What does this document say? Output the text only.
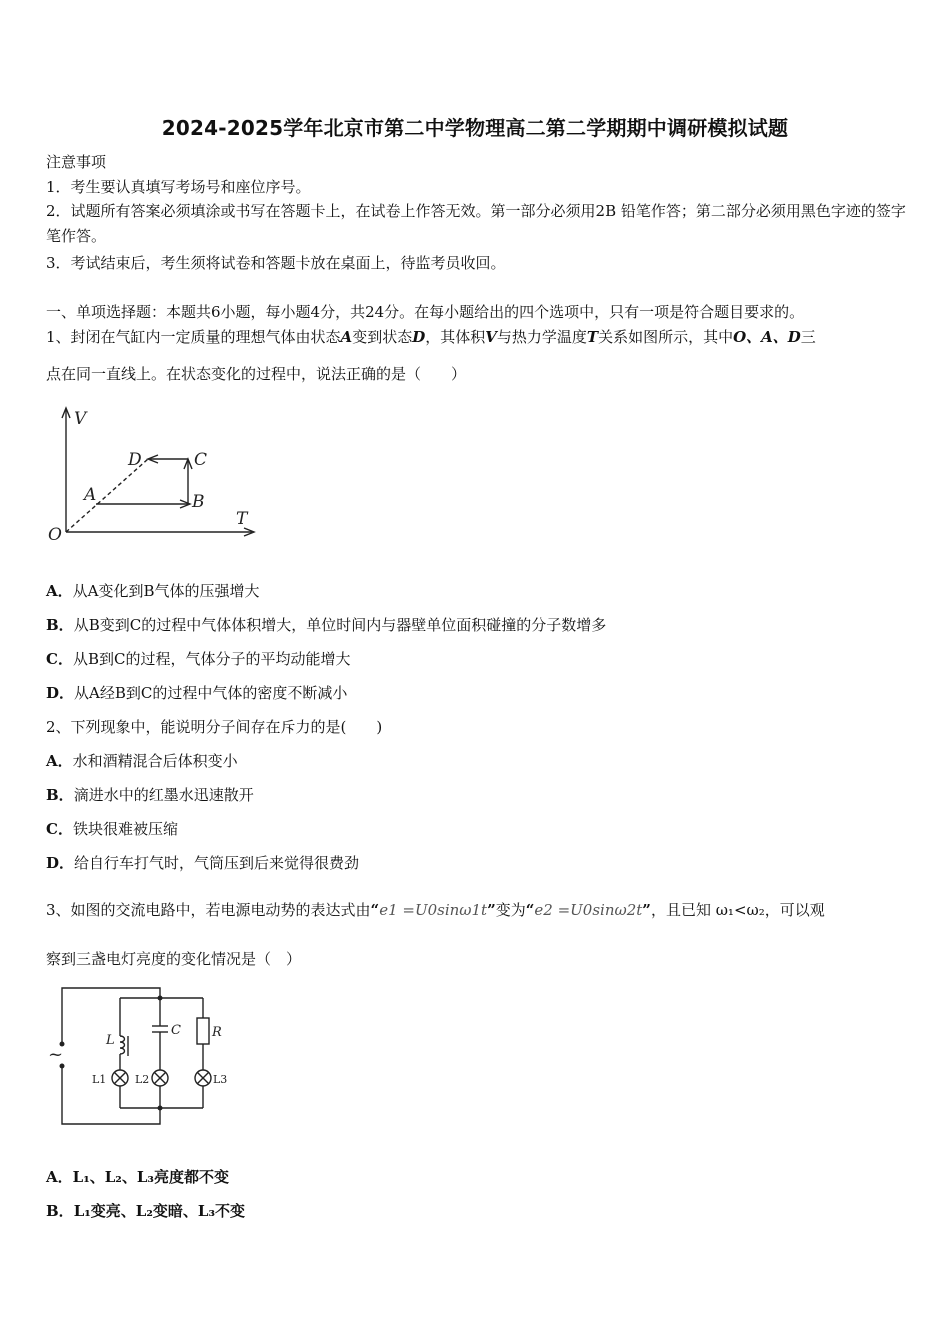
2024-2025学年北京市第二中学物理高二第二学期期中调研模拟试题
注意事项
1．考生要认真填写考场号和座位序号。
2．试题所有答案必须填涂或书写在答题卡上，在试卷上作答无效。第一部分必须用2B 铅笔作答；第二部分必须用黑色字迹的签字笔作答。
3．考试结束后，考生须将试卷和答题卡放在桌面上，待监考员收回。
一、单项选择题：本题共6小题，每小题4分，共24分。在每小题给出的四个选项中，只有一项是符合题目要求的。
1、封闭在气缸内一定质量的理想气体由状态A变到状态D，其体积V与热力学温度T关系如图所示，其中O、A、D三
点在同一直线上。在状态变化的过程中，说法正确的是（　　）
V
T
O
A	B
C
D
A．从A变化到B气体的压强增大
B．从B变到C的过程中气体体积增大，单位时间内与器壁单位面积碰撞的分子数增多
C．从B到C的过程，气体分子的平均动能增大
D．从A经B到C的过程中气体的密度不断减小
2、下列现象中，能说明分子间存在斥力的是(　　)
A．水和酒精混合后体积变小
B．滴进水中的红墨水迅速散开
C．铁块很难被压缩
D．给自行车打气时，气筒压到后来觉得很费劲
3、如图的交流电路中，若电源电动势的表达式由“e1 =U0sinω1t”变为“e2 =U0sinω2t”，且已知 ω₁<ω₂，可以观
察到三盏电灯亮度的变化情况是（　）
~
L
C R
L1	L2	L3
A．L₁、L₂、L₃亮度都不变
B．L₁变亮、L₂变暗、L₃不变
